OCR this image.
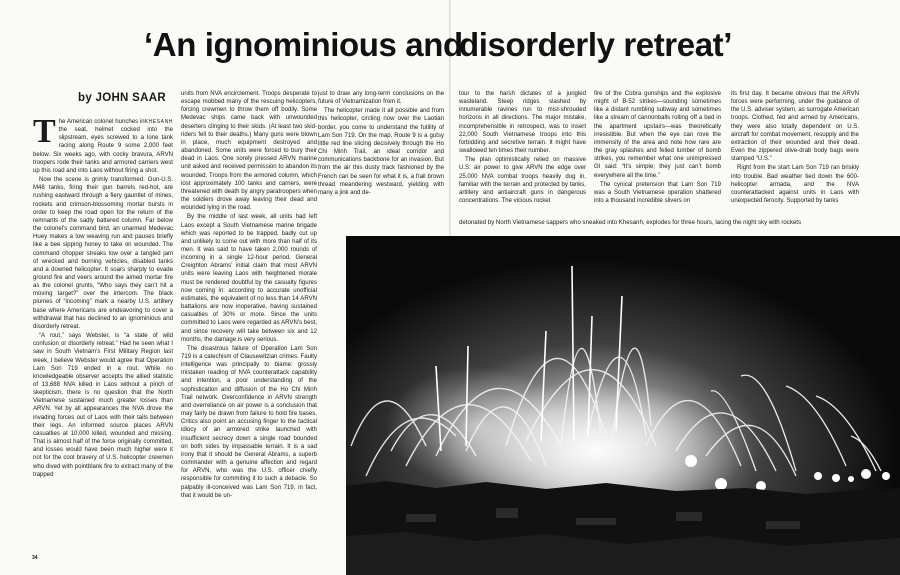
‘An ignominious and
disorderly retreat’
by JOHN SAAR
T	KHESANH

he American colonel hunches in the seat, helmet cocked into the slipstream, eyes screwed to a lone tank racing along Route 9 some 2,000 feet below. Six weeks ago, with cocky bravura, ARVN troopers rode their tanks and armored carriers west up this road and into Laos without firing a shot.

Now the scene is grimly transformed. Gun-U.S. M48 tanks, firing their gun barrels red-hot, are rushing eastward through a fiery gauntlet of mines, rockets and crimson-blossoming mortar bursts in order to keep the road open for the return of the remnants of the sadly battered column. Far below the colonel’s command bird, an unarmed Medevac Huey makes a low weaving run and pauses briefly like a bee sipping honey to take on wounded. The command chopper streaks low over a tangled jam of wrecked and burning vehicles, disabled tanks and a downed helicopter. It soars sharply to evade ground fire and veers around the aimed mortar fire as the colonel grunts, “Who says they can’t hit a moving target?” over the intercom. The black plumes of “incoming” mark a nearby U.S. artillery base where Americans are endeavoring to cover a withdrawal that has declined to an ignominious and disorderly retreat.

“A rout,” says Webster, is “a state of wild confusion or disorderly retreat.” Had he seen what I saw in South Vietnam’s First Military Region last week, I believe Webster would agree that Operation Lam Son 719 ended in a rout. While no knowledgeable observer accepts the allied statistic of 13,688 NVA killed in Laos without a pinch of skepticism, there is no question that the North Vietnamese sustained much greater losses than ARVN. Yet by all appearances the NVA drove the invading forces out of Laos with their tails between their legs. An informed source places ARVN casualties at 10,000 killed, wounded and missing. That is almost half of the force originally committed, and losses would have been much higher were it not for the cool bravery of U.S. helicopter crewmen who dived with pointblank fire to extract many of the trapped

units from NVA encirclement. Troops desperate to escape mobbed many of the rescuing helicopters, forcing crewmen to throw them off bodily. Some Medevac ships came back with unwounded deserters clinging to their skids. (At least two skid-riders fell to their deaths.) Many guns were blown in place, much equipment destroyed and abandoned. Some units were forced to bury their dead in Laos. One sorely pressed ARVN marine unit asked and received permission to abandon its wounded. Troops from the armored column, which lost approximately 100 tanks and carriers, were threatened with death by angry paratroopers when the soldiers drove away leaving their dead and wounded lying in the road.

By the middle of last week, all units had left Laos except a South Vietnamese marine brigade which was reported to be trapped, badly cut up and unlikely to come out with more than half of its men. It was said to have taken 2,000 rounds of incoming in a single 12-hour period. General Creighton Abrams’ initial claim that most ARVN units were leaving Laos with heightened morale must be rendered doubtful by the casualty figures now coming in: according to accurate unofficial estimates, the equivalent of no less than 14 ARVN battalions are now inoperative, having sustained casualties of 30% or more. Since the units committed to Laos were regarded as ARVN’s best, and since recovery will take between six and 12 months, the damage is very serious.

The disastrous failure of Operation Lam Son 719 is a catechism of Clausewitzian crimes. Faulty intelligence was principally to blame: grossly mistaken reading of NVA counterattack capability and intention, a poor understanding of the sophistication and diffusion of the Ho Chi Minh Trail network. Overconfidence in ARVN strength and overreliance on air power is a conclusion that may fairly be drawn from failure to hold fire bases. Critics also point an accusing finger to the tactical idiocy of an armored strike launched with insufficient secrecy down a single road bounded on both sides by impassable terrain. It is a sad irony that it should be General Abrams, a superb commander with a genuine affection and regard for ARVN, who was the U.S. officer chiefly responsible for commiting it to such a debacle. So palpably ill-conceived was Lam Son 719, in fact, that it would be un-

just to draw any long-term conclusions on the future of Vietnamization from it.

The helicopter made it all possible and from this helicopter, circling now over the Laotian border, you come to understand the futility of Lam Son 719. On the map, Route 9 is a gutsy little red line slicing decisively through the Ho Chi Minh Trail, an ideal corridor and communications backbone for an invasion. But from the air this dusty track fashioned by the French can be seen for what it is, a frail brown thread meandering westward, yielding with many a jink and de-

tour to the harsh dictates of a jungled wasteland. Steep ridges slashed by innumerable ravines run to mist-shrouded horizons in all directions. The major mistake, incomprehensible in retrospect, was to insert 22,000 South Vietnamese troops into this forbidding and secretive terrain. It might have swallowed ten times their number.

The plan optimistically relied on massive U.S. air power to give ARVN the edge over 25,000 NVA combat troops heavily dug in, familiar with the terrain and protected by tanks, artillery and antiaircraft guns in dangerous concentrations. The vicious rocket

fire of the Cobra gunships and the explosive might of B-52 strikes—sounding sometimes like a distant rumbling subway and sometimes like a stream of cannonballs rolling off a bed in the apartment upstairs—was theoretically irresistible. But when the eye can rove the immensity of the area and note how rare are the gray splashes and felled lumber of bomb strikes, you remember what one unimpressed GI said: “It’s simple; they just can’t bomb everywhere all the time.”

The cynical pretension that Lam Son 719 was a South Vietnamese operation shattered into a thousand incredible slivers on

its first day. It became obvious that the ARVN forces were performing, under the guidance of the U.S. adviser system, as surrogate American troops. Clothed, fed and armed by Americans, they were also totally dependent on U.S. aircraft for combat movement, resupply and the extraction of their wounded and their dead. Even the zippered olive-drab body bags were stamped “U.S.”

Right from the start Lam Son 719 ran briskly into trouble. Bad weather tied down the 600-helicopter armada, and the NVA counterattacked against units in Laos with unexpected ferocity. Supported by tanks

detonated by North Vietnamese sappers who sneaked into Khesanh, explodes for three hours, lacing the night sky with rockets
34
